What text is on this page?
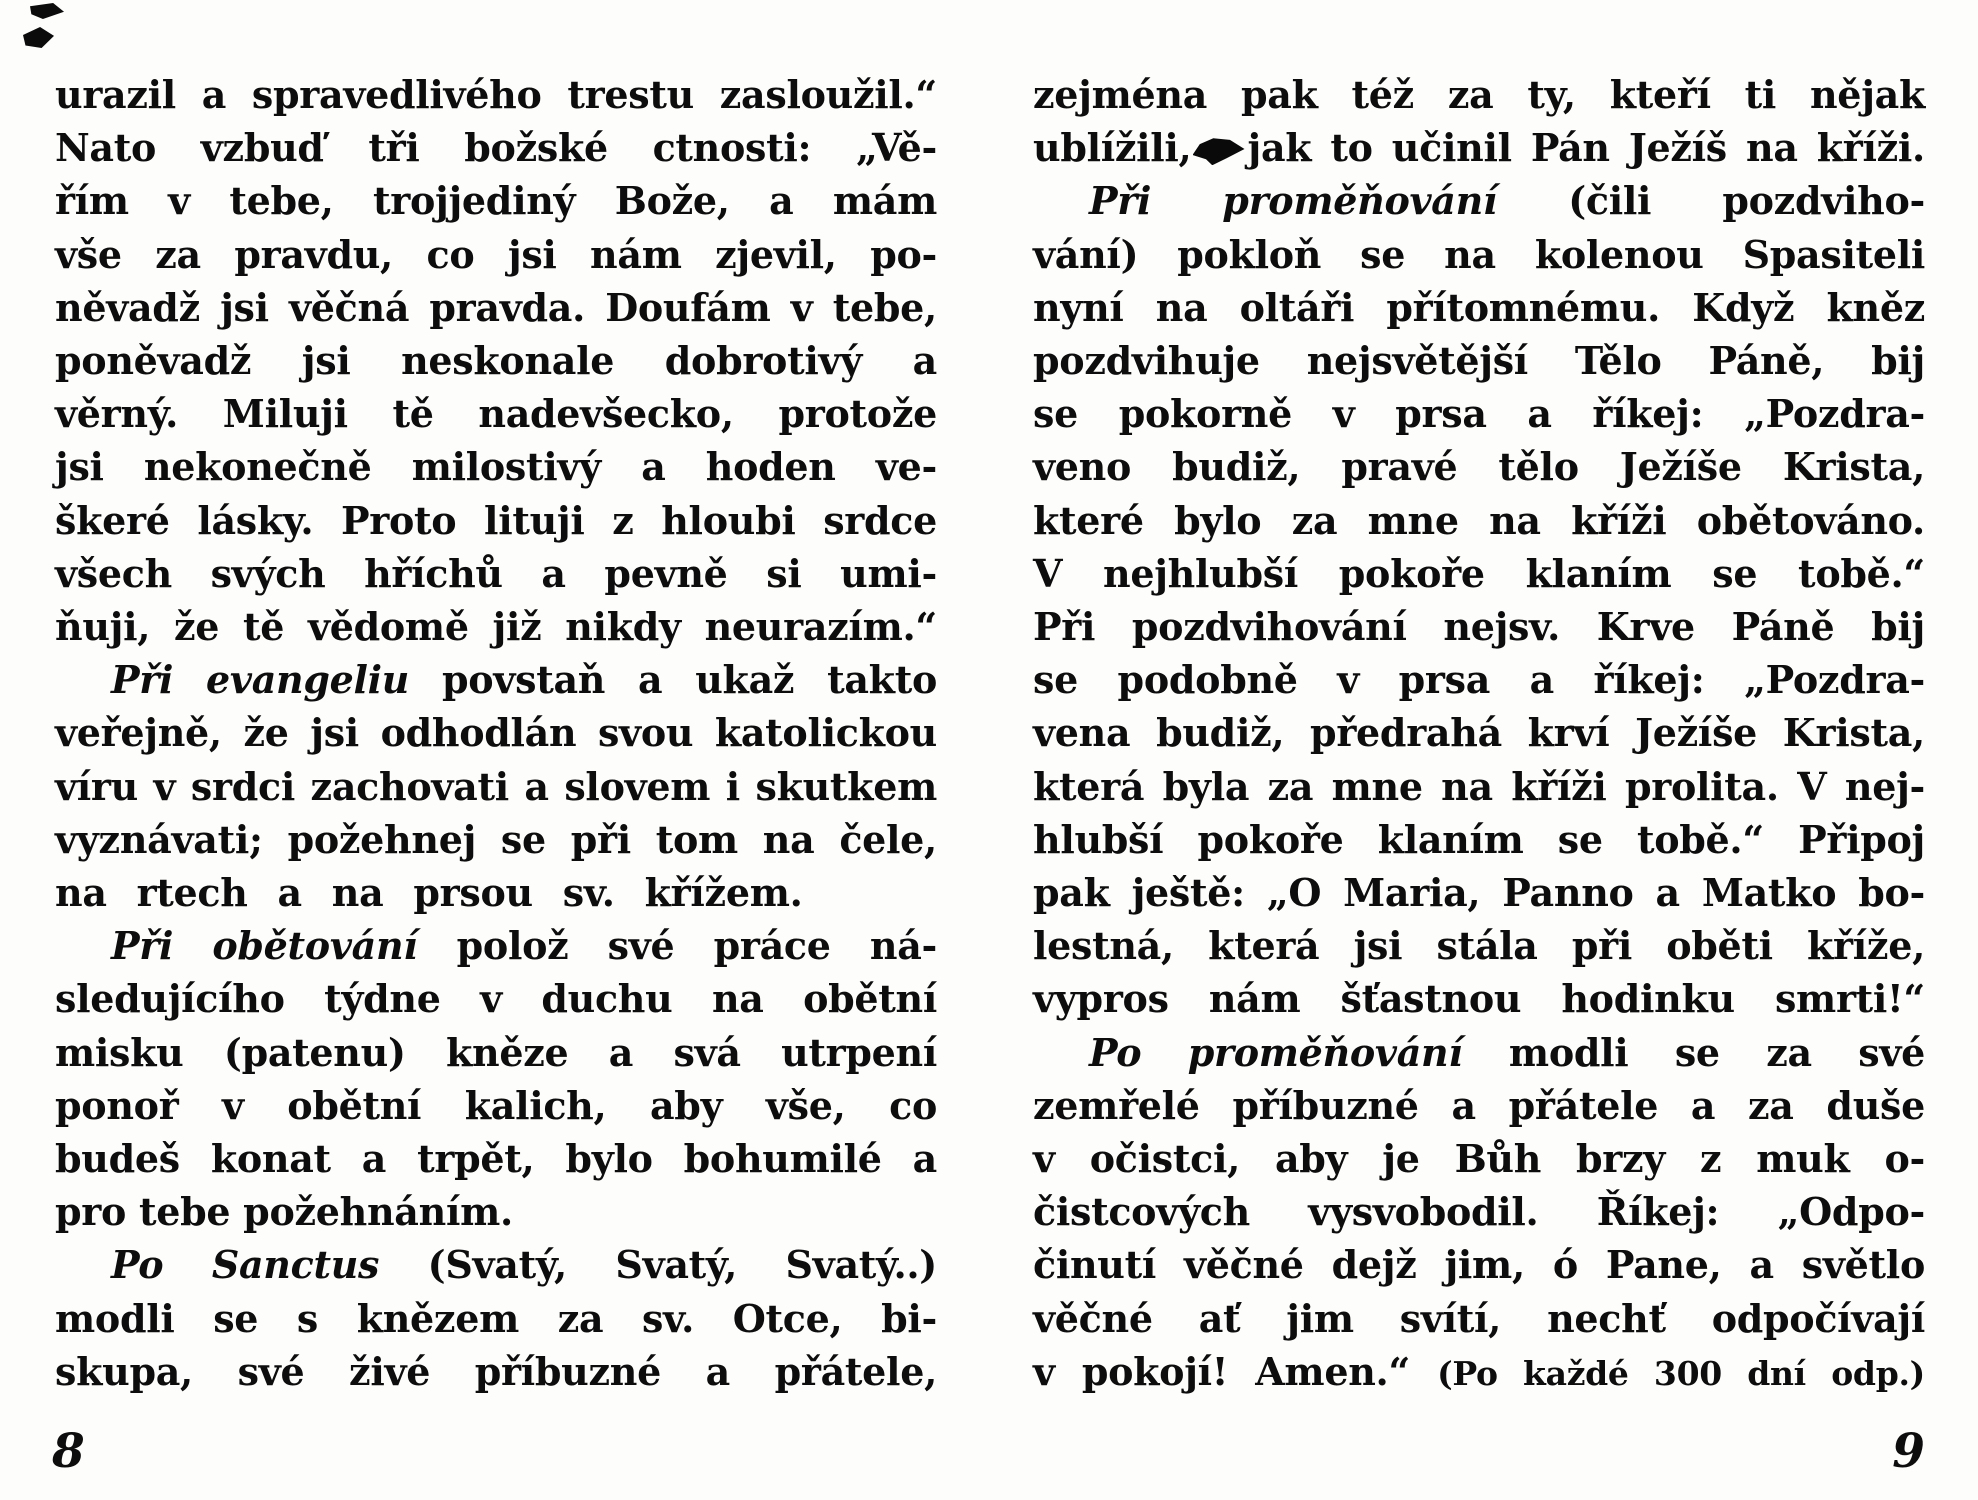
urazil a spravedlivého trestu zasloužil.“
Nato vzbuď tři božské ctnosti: „Vě-
řím v tebe, trojjediný Bože, a mám
vše za pravdu, co jsi nám zjevil, po-
něvadž jsi věčná pravda. Doufám v tebe,
poněvadž jsi neskonale dobrotivý a
věrný. Miluji tě nadevšecko, protože
jsi nekonečně milostivý a hoden ve-
škeré lásky. Proto lituji z hloubi srdce
všech svých hříchů a pevně si umi-
ňuji, že tě vědomě již nikdy neurazím.“
Při evangeliu povstaň a ukaž takto
veřejně, že jsi odhodlán svou katolickou
víru v srdci zachovati a slovem i skutkem
vyznávati; požehnej se při tom na čele,
na rtech a na prsou sv. křížem.
Při obětování polož své práce ná-
sledujícího týdne v duchu na obětní
misku (patenu) kněze a svá utrpení
ponoř v obětní kalich, aby vše, co
budeš konat a trpět, bylo bohumilé a
pro tebe požehnáním.
Po Sanctus (Svatý, Svatý, Svatý..)
modli se s knězem za sv. Otce, bi-
skupa, své živé příbuzné a přátele,
zejména pak též za ty, kteří ti nějak
ublížili, jak to učinil Pán Ježíš na kříži.
Při proměňování (čili pozdviho-
vání) pokloň se na kolenou Spasiteli
nyní na oltáři přítomnému. Když kněz
pozdvihuje nejsvětější Tělo Páně, bij
se pokorně v prsa a říkej: „Pozdra-
veno budiž, pravé tělo Ježíše Krista,
které bylo za mne na kříži obětováno.
V nejhlubší pokoře klaním se tobě.“
Při pozdvihování nejsv. Krve Páně bij
se podobně v prsa a říkej: „Pozdra-
vena budiž, předrahá krví Ježíše Krista,
která byla za mne na kříži prolita. V nej-
hlubší pokoře klaním se tobě.“ Připoj
pak ještě: „O Maria, Panno a Matko bo-
lestná, která jsi stála při oběti kříže,
vypros nám šťastnou hodinku smrti!“
Po proměňování modli se za své
zemřelé příbuzné a přátele a za duše
v očistci, aby je Bůh brzy z muk o-
čistcových vysvobodil. Říkej: „Odpo-
činutí věčné dejž jim, ó Pane, a světlo
věčné ať jim svítí, nechť odpočívají
v pokojí! Amen.“ (Po každé 300 dní odp.)
8	9
